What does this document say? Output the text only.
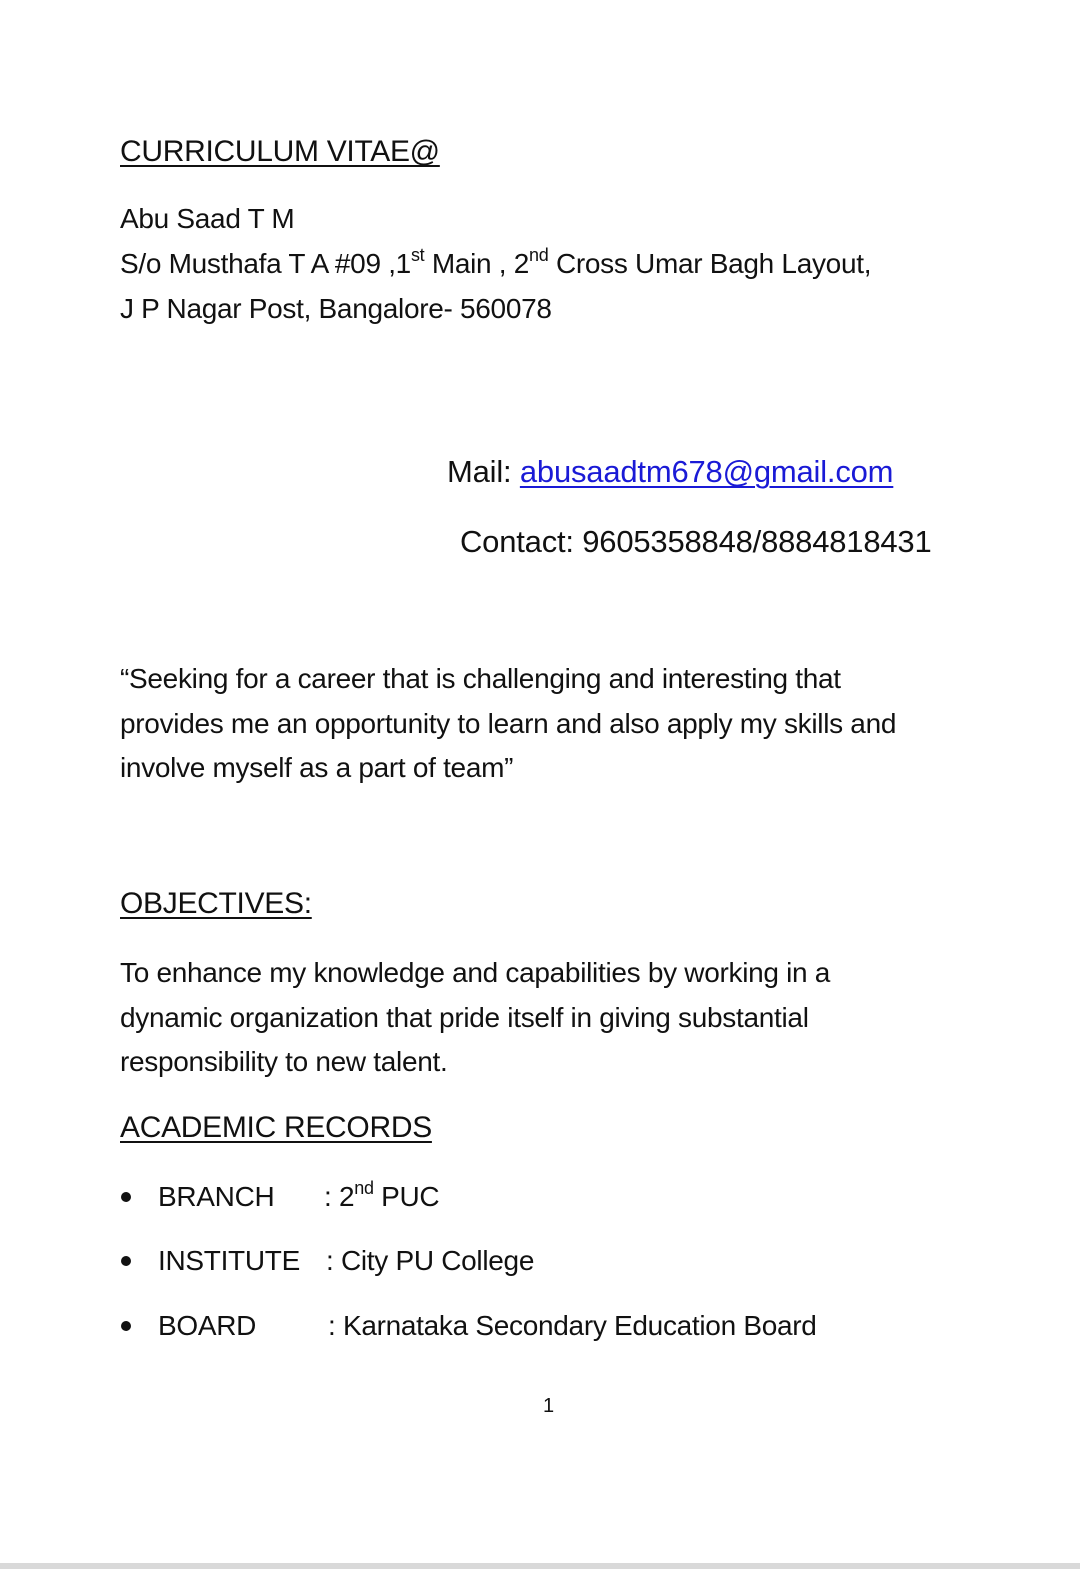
CURRICULUM VITAE@
Abu Saad T M
S/o Musthafa T A #09 ,1st Main , 2nd Cross Umar Bagh Layout,
J P Nagar Post, Bangalore- 560078
Mail: abusaadtm678@gmail.com
Contact: 9605358848/8884818431
“Seeking for a career that is challenging and interesting that
provides me an opportunity to learn and also apply my skills and
involve myself as a part of team”
OBJECTIVES:
To enhance my knowledge and capabilities by working in a
dynamic organization that pride itself in giving substantial
responsibility to new talent.
ACADEMIC RECORDS
BRANCH : 2nd PUC
INSTITUTE : City PU College
BOARD	: Karnataka Secondary Education Board
1
